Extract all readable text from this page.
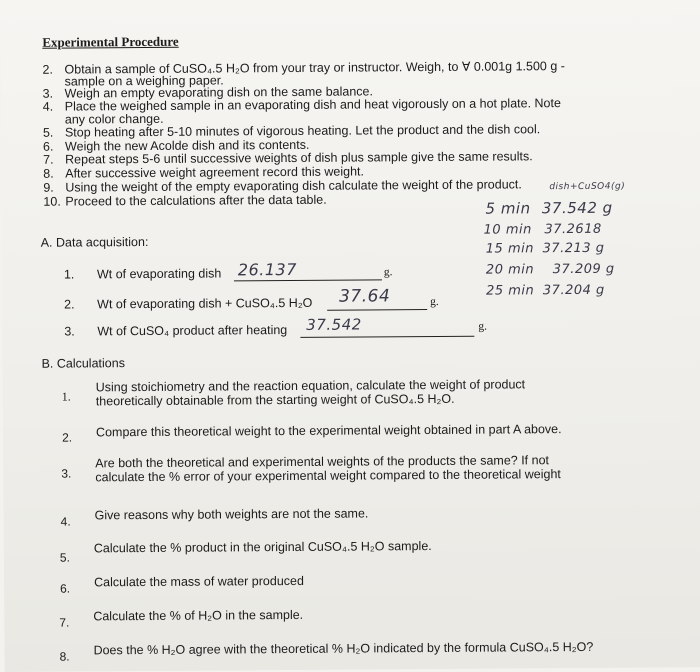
Experimental Procedure
2. Obtain a sample of CuSO₄.5 H₂O from your tray or instructor. Weigh, to ∀ 0.001g 1.500 g -
sample on a weighing paper.
3. Weigh an empty evaporating dish on the same balance.
4. Place the weighed sample in an evaporating dish and heat vigorously on a hot plate. Note
any color change.
5. Stop heating after 5-10 minutes of vigorous heating. Let the product and the dish cool.
6. Weigh the new Acolde dish and its contents.
7. Repeat steps 5-6 until successive weights of dish plus sample give the same results.
8. After successive weight agreement record this weight.
9. Using the weight of the empty evaporating dish calculate the weight of the product.
10. Proceed to the calculations after the data table.
dish+CuSO4(g)
5 min 37.542 g
10 min 37.2618
15 min 37.213 g
20 min 37.209 g
25 min 37.204 g
A. Data acquisition:
1. Wt of evaporating dish 26.137	g.
2. Wt of evaporating dish + CuSO₄.5 H₂O 37.64	g.
3. Wt of CuSO₄ product after heating 37.542	g.
B. Calculations
1.
Using stoichiometry and the reaction equation, calculate the weight of product
theoretically obtainable from the starting weight of CuSO₄.5 H₂O.
2. Compare this theoretical weight to the experimental weight obtained in part A above.
3.
Are both the theoretical and experimental weights of the products the same? If not
calculate the % error of your experimental weight compared to the theoretical weight
4. Give reasons why both weights are not the same.
5.
Calculate the % product in the original CuSO₄.5 H₂O sample.
6. Calculate the mass of water produced
7. Calculate the % of H₂O in the sample.
8. Does the % H₂O agree with the theoretical % H₂O indicated by the formula CuSO₄.5 H₂O?
